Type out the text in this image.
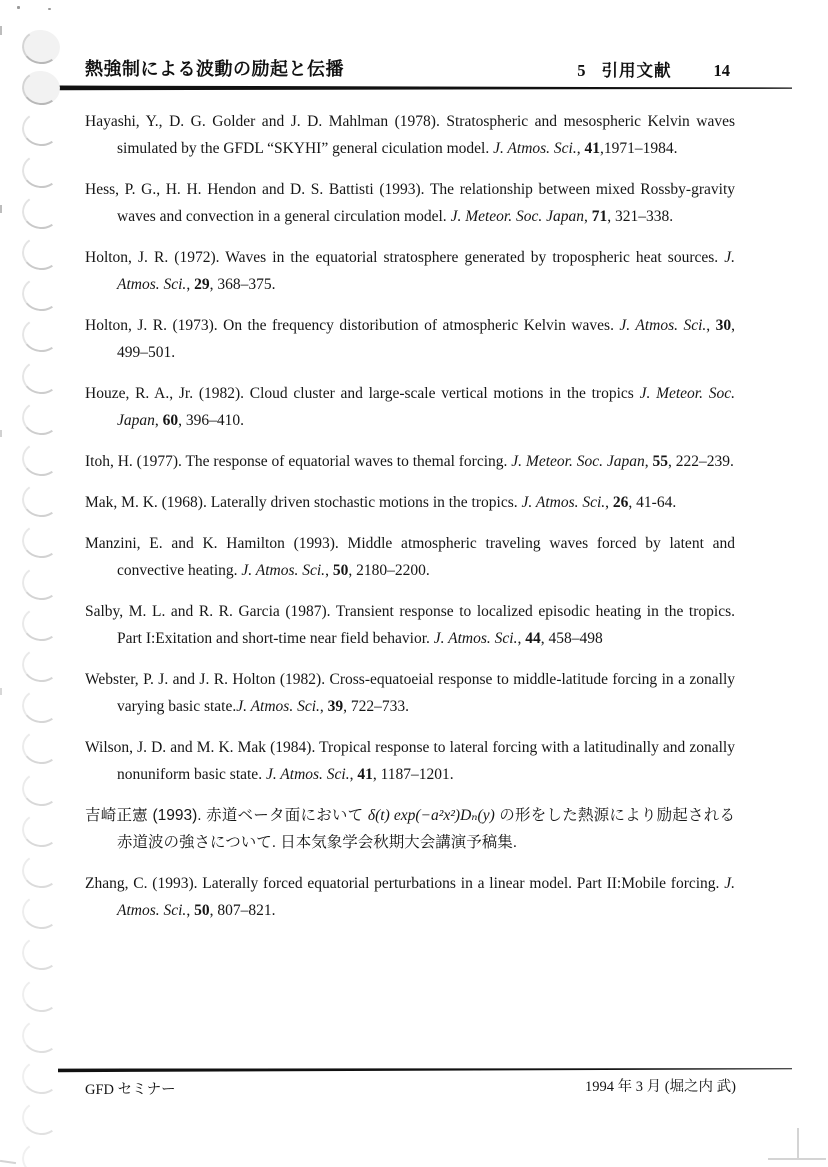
熱強制による波動の励起と伝播	5 引用文献	14

Hayashi, Y., D. G. Golder and J. D. Mahlman (1978). Stratospheric and mesospheric Kelvin waves simulated by the GFDL “SKYHI” general ciculation model. J. Atmos. Sci., 41,1971–1984.

Hess, P. G., H. H. Hendon and D. S. Battisti (1993). The relationship between mixed Rossby-gravity waves and convection in a general circulation model. J. Meteor. Soc. Japan, 71, 321–338.

Holton, J. R. (1972). Waves in the equatorial stratosphere generated by tropospheric heat sources. J. Atmos. Sci., 29, 368–375.

Holton, J. R. (1973). On the frequency distoribution of atmospheric Kelvin waves. J. Atmos. Sci., 30, 499–501.

Houze, R. A., Jr. (1982). Cloud cluster and large-scale vertical motions in the tropics J. Meteor. Soc. Japan, 60, 396–410.

Itoh, H. (1977). The response of equatorial waves to themal forcing. J. Meteor. Soc. Japan, 55, 222–239.

Mak, M. K. (1968). Laterally driven stochastic motions in the tropics. J. Atmos. Sci., 26, 41-64.

Manzini, E. and K. Hamilton (1993). Middle atmospheric traveling waves forced by latent and convective heating. J. Atmos. Sci., 50, 2180–2200.

Salby, M. L. and R. R. Garcia (1987). Transient response to localized episodic heating in the tropics. Part I:Exitation and short-time near field behavior. J. Atmos. Sci., 44, 458–498

Webster, P. J. and J. R. Holton (1982). Cross-equatoeial response to middle-latitude forcing in a zonally varying basic state.J. Atmos. Sci., 39, 722–733.

Wilson, J. D. and M. K. Mak (1984). Tropical response to lateral forcing with a latitudinally and zonally nonuniform basic state. J. Atmos. Sci., 41, 1187–1201.

吉崎正憲 (1993). 赤道ベータ面において δ(t) exp(−a²x²)Dₙ(y) の形をした熱源により励起される赤道波の強さについて. 日本気象学会秋期大会講演予稿集.

Zhang, C. (1993). Laterally forced equatorial perturbations in a linear model. Part II:Mobile forcing. J. Atmos. Sci., 50, 807–821.

GFD セミナー	1994 年 3 月 (堀之内 武)
